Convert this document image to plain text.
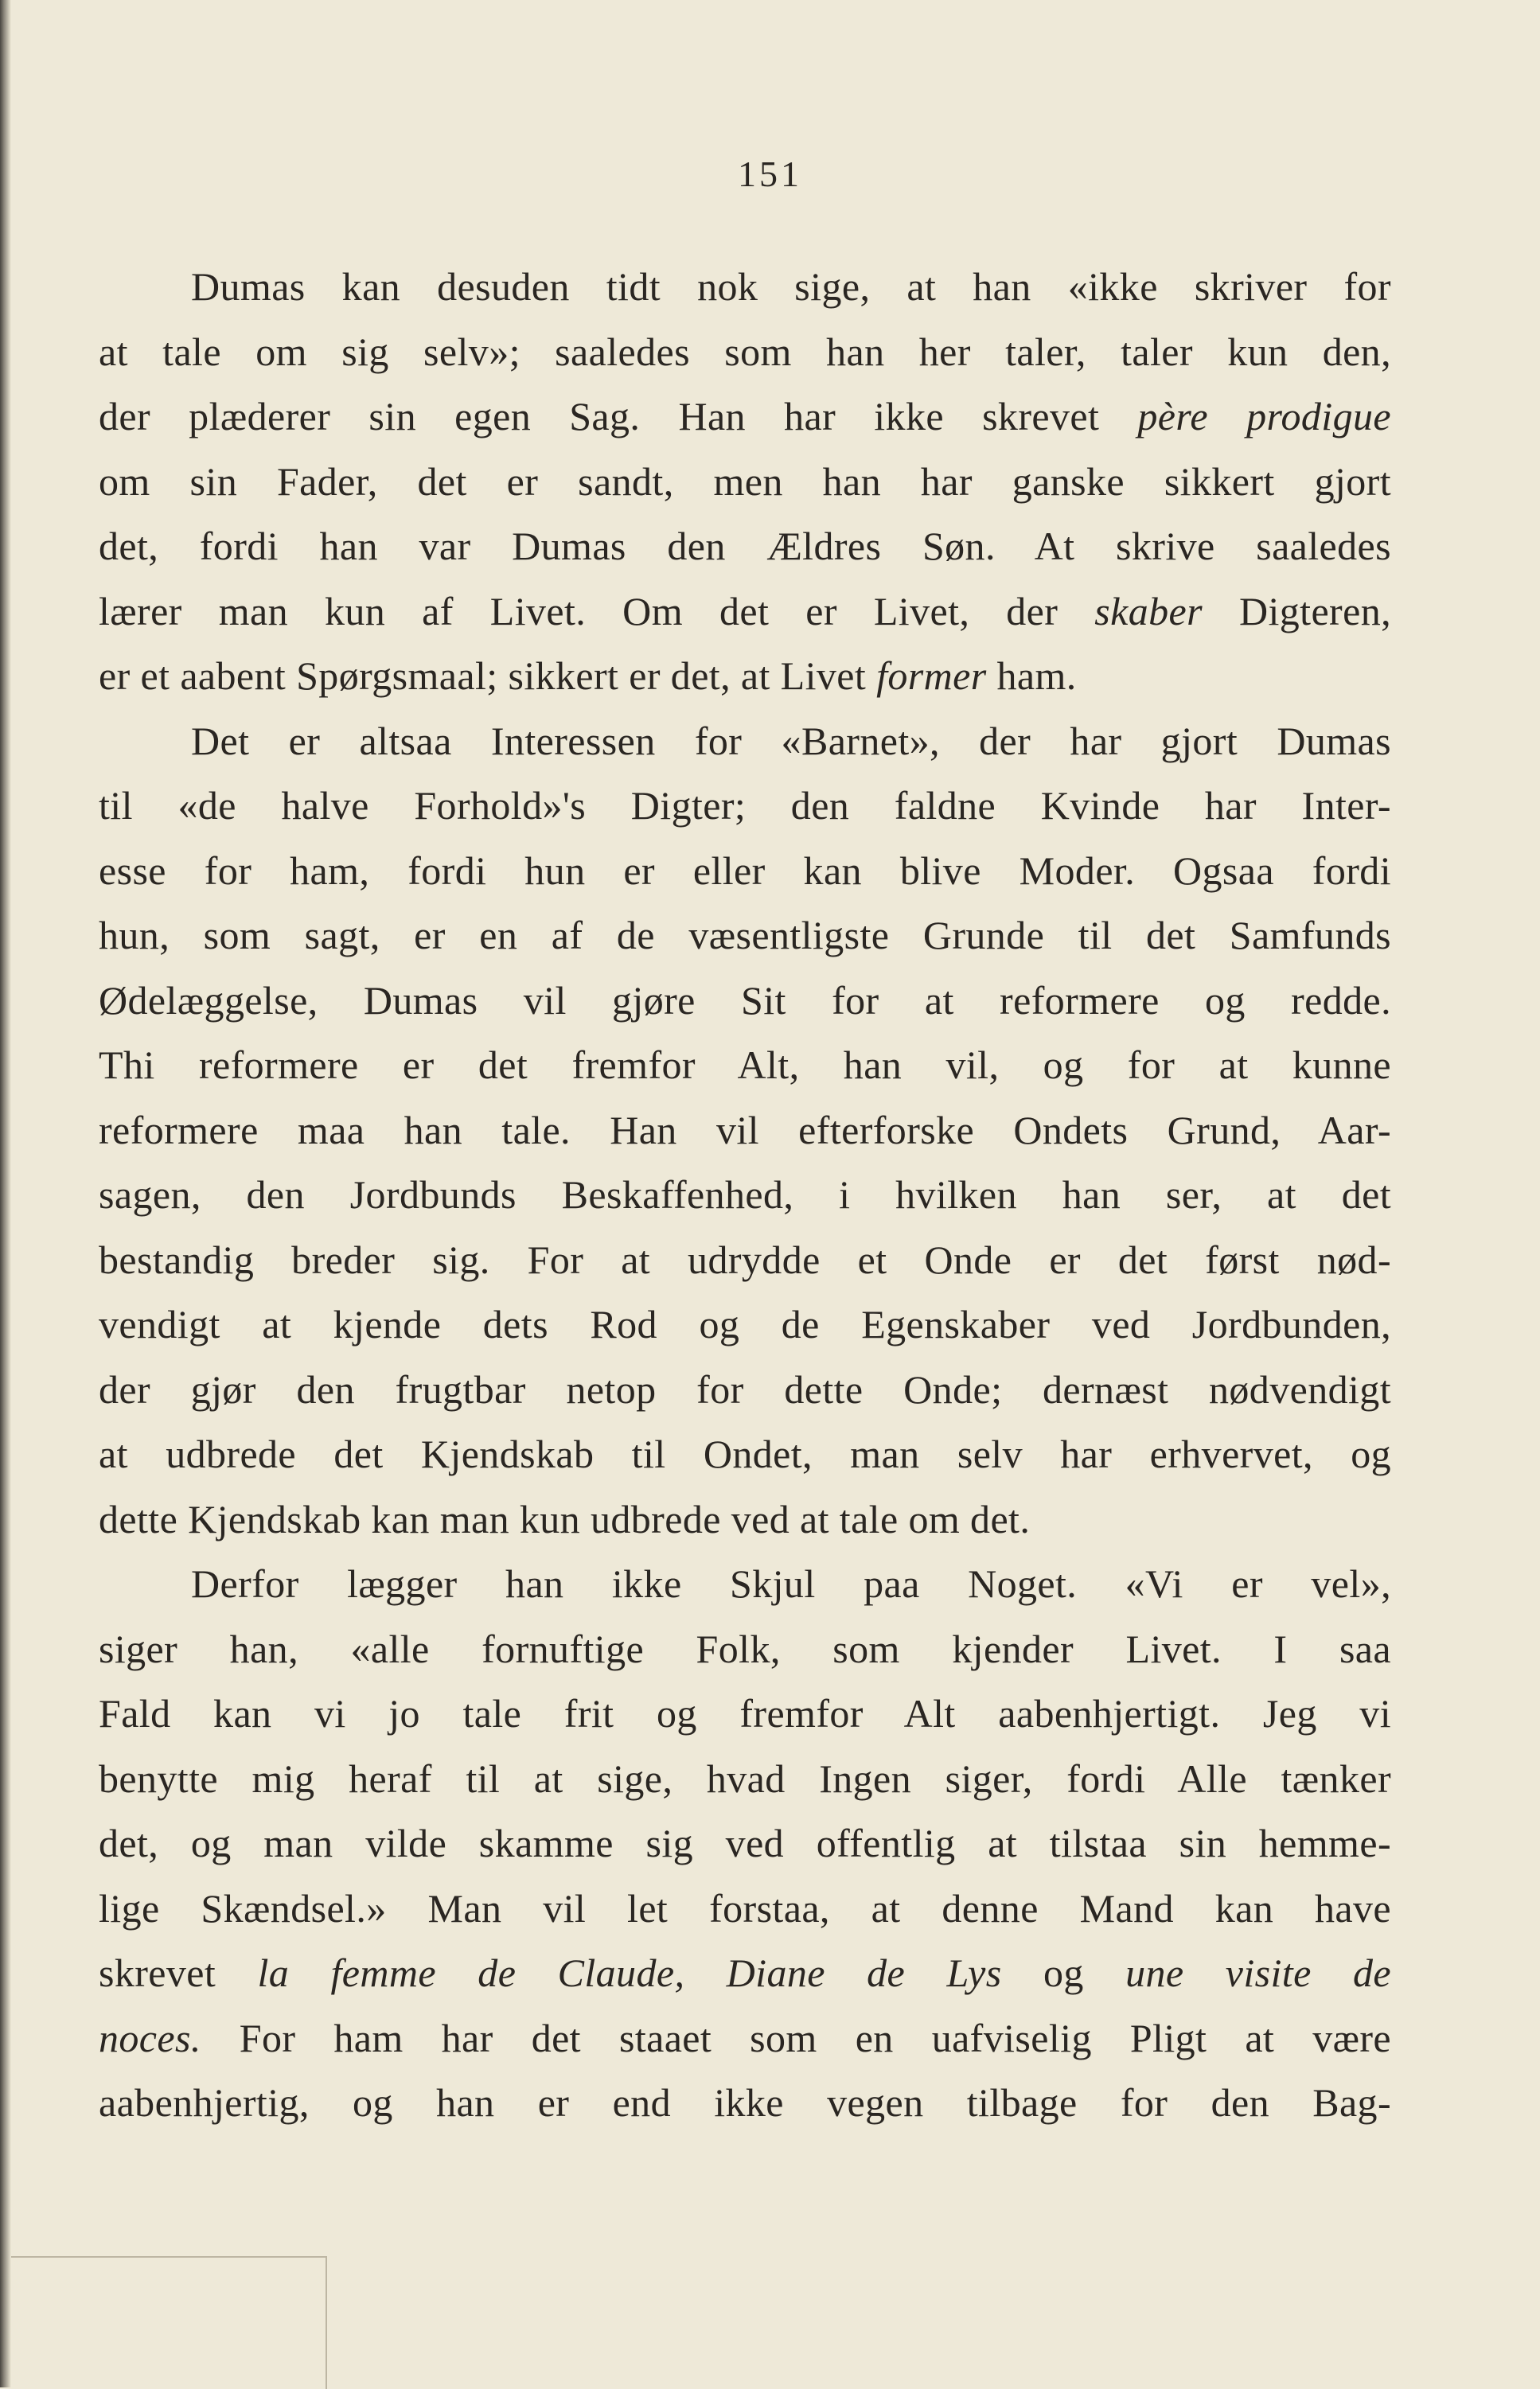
151
Dumas kan desuden tidt nok sige, at han «ikke skriver for
at tale om sig selv»; saaledes som han her taler, taler kun den,
der plæderer sin egen Sag. Han har ikke skrevet père prodigue
om sin Fader, det er sandt, men han har ganske sikkert gjort
det, fordi han var Dumas den Ældres Søn. At skrive saaledes
lærer man kun af Livet. Om det er Livet, der skaber Digteren,
er et aabent Spørgsmaal; sikkert er det, at Livet former ham.
Det er altsaa Interessen for «Barnet», der har gjort Dumas
til «de halve Forhold»'s Digter; den faldne Kvinde har Inter-
esse for ham, fordi hun er eller kan blive Moder. Ogsaa fordi
hun, som sagt, er en af de væsentligste Grunde til det Samfunds
Ødelæggelse, Dumas vil gjøre Sit for at reformere og redde.
Thi reformere er det fremfor Alt, han vil, og for at kunne
reformere maa han tale. Han vil efterforske Ondets Grund, Aar-
sagen, den Jordbunds Beskaffenhed, i hvilken han ser, at det
bestandig breder sig. For at udrydde et Onde er det først nød-
vendigt at kjende dets Rod og de Egenskaber ved Jordbunden,
der gjør den frugtbar netop for dette Onde; dernæst nødvendigt
at udbrede det Kjendskab til Ondet, man selv har erhvervet, og
dette Kjendskab kan man kun udbrede ved at tale om det.
Derfor lægger han ikke Skjul paa Noget. «Vi er vel»,
siger han, «alle fornuftige Folk, som kjender Livet. I saa
Fald kan vi jo tale frit og fremfor Alt aabenhjertigt. Jeg vi
benytte mig heraf til at sige, hvad Ingen siger, fordi Alle tænker
det, og man vilde skamme sig ved offentlig at tilstaa sin hemme-
lige Skændsel.» Man vil let forstaa, at denne Mand kan have
skrevet la femme de Claude, Diane de Lys og une visite de
noces. For ham har det staaet som en uafviselig Pligt at være
aabenhjertig, og han er end ikke vegen tilbage for den Bag-
